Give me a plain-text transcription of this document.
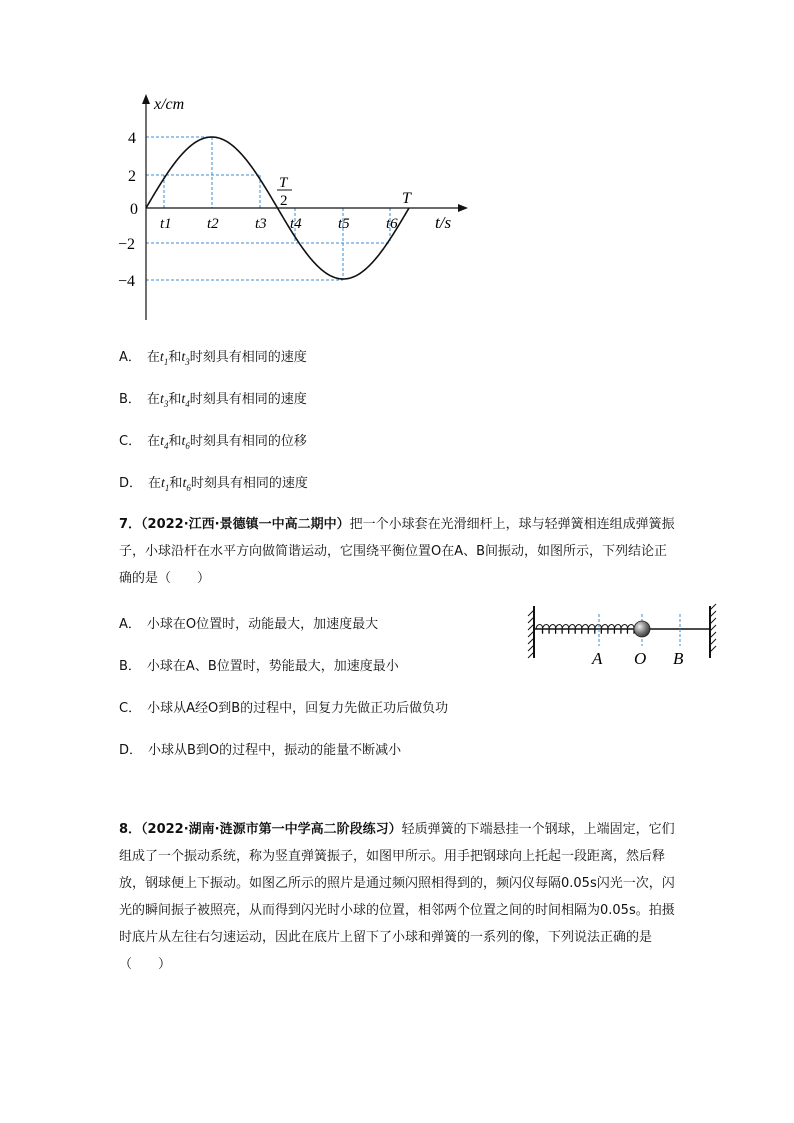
x/cm
4
2
0
−2
−4
t1 t2 t3 t4 t5 t6
T
2	T
t/s
A． 在$t_1$和$t_3$时刻具有相同的速度
B． 在$t_3$和$t_4$时刻具有相同的速度
C． 在$t_4$和$t_6$时刻具有相同的位移
D． 在$t_1$和$t_6$时刻具有相同的速度
7．（2022·江西·景德镇一中高二期中）把一个小球套在光滑细杆上，球与轻弹簧相连组成弹簧振子，小球沿杆在水平方向做简谐运动，它围绕平衡位置O在A、B间振动，如图所示，下列结论正确的是（　　）
A． 小球在O位置时，动能最大，加速度最大
B． 小球在A、B位置时，势能最大，加速度最小
C． 小球从A经O到B的过程中，回复力先做正功后做负功
D． 小球从B到O的过程中，振动的能量不断减小
A O B
8．（2022·湖南·涟源市第一中学高二阶段练习）轻质弹簧的下端悬挂一个钢球，上端固定，它们组成了一个振动系统，称为竖直弹簧振子，如图甲所示。用手把钢球向上托起一段距离，然后释放，钢球便上下振动。如图乙所示的照片是通过频闪照相得到的，频闪仪每隔0.05s闪光一次，闪光的瞬间振子被照亮，从而得到闪光时小球的位置，相邻两个位置之间的时间相隔为0.05s。拍摄时底片从左往右匀速运动，因此在底片上留下了小球和弹簧的一系列的像，下列说法正确的是（　　）
